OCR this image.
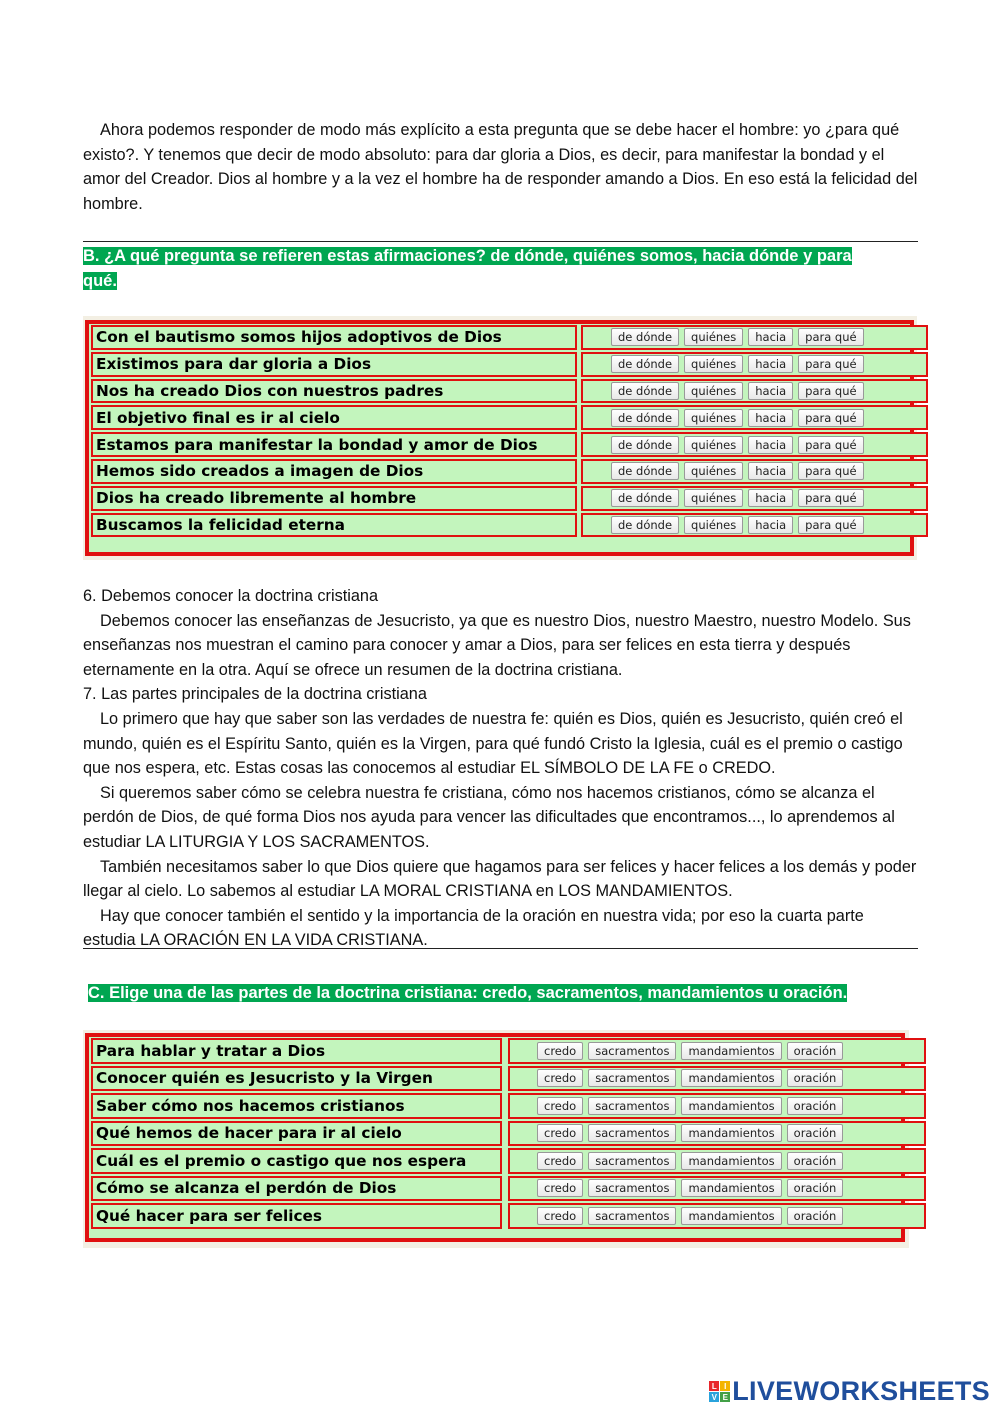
Ahora podemos responder de modo más explícito a esta pregunta que se debe hacer el hombre: yo ¿para qué existo?. Y tenemos que decir de modo absoluto: para dar gloria a Dios, es decir, para manifestar la bondad y el amor del Creador. Dios al hombre y a la vez el hombre ha de responder amando a Dios. En eso está la felicidad del hombre.

B. ¿A qué pregunta se refieren estas afirmaciones? de dónde, quiénes somos, hacia dónde y para
qué.
Con el bautismo somos hijos adoptivos de Dios	de dónde	quiénes	hacia	para qué
Existimos para dar gloria a Dios	de dónde	quiénes	hacia	para qué
Nos ha creado Dios con nuestros padres	de dónde	quiénes	hacia	para qué
El objetivo final es ir al cielo	de dónde	quiénes	hacia	para qué
Estamos para manifestar la bondad y amor de Dios	de dónde	quiénes	hacia	para qué
Hemos sido creados a imagen de Dios	de dónde	quiénes	hacia	para qué
Dios ha creado libremente al hombre	de dónde	quiénes	hacia	para qué
Buscamos la felicidad eterna	de dónde	quiénes	hacia	para qué

6. Debemos conocer la doctrina cristiana

Debemos conocer las enseñanzas de Jesucristo, ya que es nuestro Dios, nuestro Maestro, nuestro Modelo. Sus enseñanzas nos muestran el camino para conocer y amar a Dios, para ser felices en esta tierra y después eternamente en la otra. Aquí se ofrece un resumen de la doctrina cristiana.

7. Las partes principales de la doctrina cristiana

Lo primero que hay que saber son las verdades de nuestra fe: quién es Dios, quién es Jesucristo, quién creó el mundo, quién es el Espíritu Santo, quién es la Virgen, para qué fundó Cristo la Iglesia, cuál es el premio o castigo que nos espera, etc. Estas cosas las conocemos al estudiar EL SÍMBOLO DE LA FE o CREDO.

Si queremos saber cómo se celebra nuestra fe cristiana, cómo nos hacemos cristianos, cómo se alcanza el perdón de Dios, de qué forma Dios nos ayuda para vencer las dificultades que encontramos..., lo aprendemos al estudiar LA LITURGIA Y LOS SACRAMENTOS.

También necesitamos saber lo que Dios quiere que hagamos para ser felices y hacer felices a los demás y poder llegar al cielo. Lo sabemos al estudiar LA MORAL CRISTIANA en LOS MANDAMIENTOS.

Hay que conocer también el sentido y la importancia de la oración en nuestra vida; por eso la cuarta parte estudia LA ORACIÓN EN LA VIDA CRISTIANA.

C. Elige una de las partes de la doctrina cristiana: credo, sacramentos, mandamientos u oración.
Para hablar y tratar a Dios	credo	sacramentos	mandamientos	oración
Conocer quién es Jesucristo y la Virgen	credo	sacramentos	mandamientos	oración
Saber cómo nos hacemos cristianos	credo	sacramentos	mandamientos	oración
Qué hemos de hacer para ir al cielo	credo	sacramentos	mandamientos	oración
Cuál es el premio o castigo que nos espera	credo	sacramentos	mandamientos	oración
Cómo se alcanza el perdón de Dios	credo	sacramentos	mandamientos	oración
Qué hacer para ser felices	credo	sacramentos	mandamientos	oración
L I
V E LIVEWORKSHEETS
